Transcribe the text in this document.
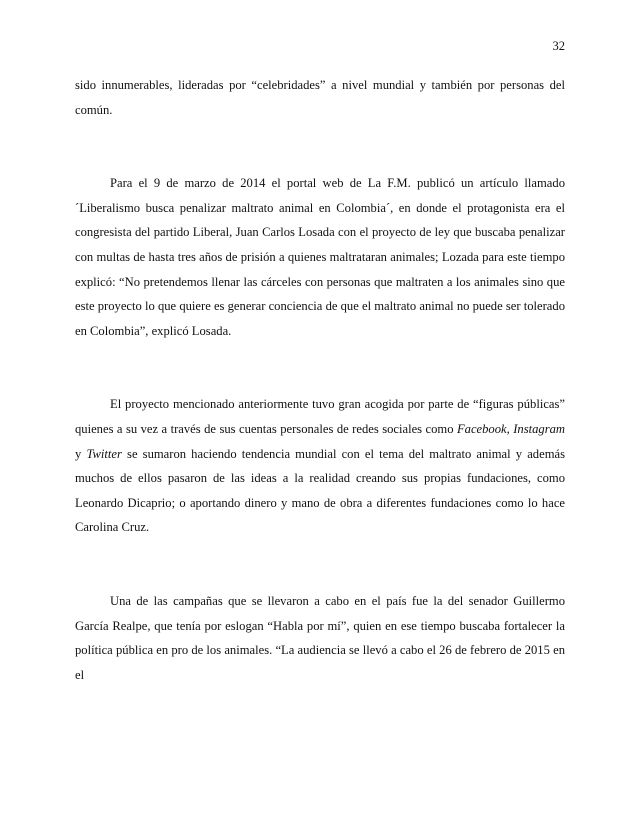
32

sido innumerables, lideradas por “celebridades” a nivel mundial y también por personas del común.

Para el 9 de marzo de 2014 el portal web de La F.M. publicó un artículo llamado ´Liberalismo busca penalizar maltrato animal en Colombia´, en donde el protagonista era el congresista del partido Liberal, Juan Carlos Losada con el proyecto de ley que buscaba penalizar con multas de hasta tres años de prisión a quienes maltrataran animales; Lozada para este tiempo explicó: “No pretendemos llenar las cárceles con personas que maltraten a los animales sino que este proyecto lo que quiere es generar conciencia de que el maltrato animal no puede ser tolerado en Colombia”, explicó Losada.

El proyecto mencionado anteriormente tuvo gran acogida por parte de “figuras públicas” quienes a su vez a través de sus cuentas personales de redes sociales como Facebook, Instagram y Twitter se sumaron haciendo tendencia mundial con el tema del maltrato animal y además muchos de ellos pasaron de las ideas a la realidad creando sus propias fundaciones, como Leonardo Dicaprio; o aportando dinero y mano de obra a diferentes fundaciones como lo hace Carolina Cruz.

Una de las campañas que se llevaron a cabo en el país fue la del senador Guillermo García Realpe, que tenía por eslogan “Habla por mí”, quien en ese tiempo buscaba fortalecer la política pública en pro de los animales. “La audiencia se llevó a cabo el 26 de febrero de 2015 en el
